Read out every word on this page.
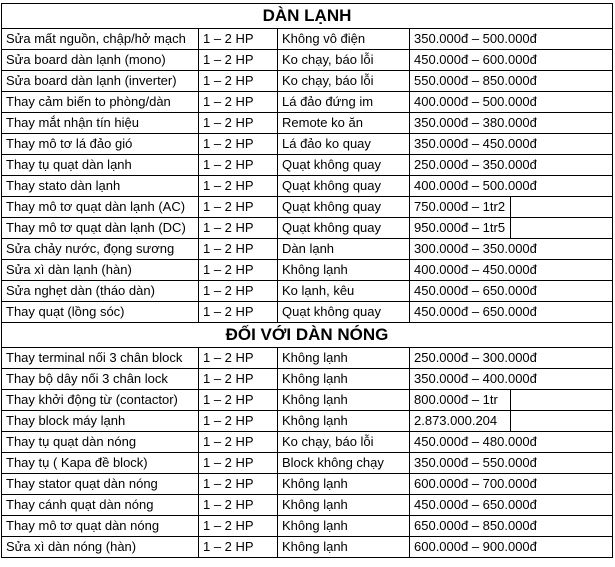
DÀN LẠNH				
Sửa mất nguồn, chập/hở mạch	1 – 2 HP	Không vô điện	350.000đ – 500.000đ	
Sửa board dàn lạnh (mono)	1 – 2 HP	Ko chạy, báo lỗi	450.000đ – 600.000đ	
Sửa board dàn lạnh (inverter)	1 – 2 HP	Ko chạy, báo lỗi	550.000đ – 850.000đ	
Thay cảm biến to phòng/dàn	1 – 2 HP	Lá đảo đứng im	400.000đ – 500.000đ	
Thay mắt nhận tín hiệu	1 – 2 HP	Remote ko ăn	350.000đ – 380.000đ	
Thay mô tơ lá đảo gió	1 – 2 HP	Lá đảo ko quay	350.000đ – 450.000đ	
Thay tụ quạt dàn lạnh	1 – 2 HP	Quạt không quay	250.000đ – 350.000đ	
Thay stato dàn lạnh	1 – 2 HP	Quạt không quay	400.000đ – 500.000đ	
Thay mô tơ quạt dàn lạnh (AC)	1 – 2 HP	Quạt không quay	750.000đ – 1tr2	
Thay mô tơ quạt dàn lạnh (DC)	1 – 2 HP	Quạt không quay	950.000đ – 1tr5	
Sửa chảy nước, đọng sương	1 – 2 HP	Dàn lạnh	300.000đ – 350.000đ	
Sửa xì dàn lạnh (hàn)	1 – 2 HP	Không lạnh	400.000đ – 450.000đ	
Sửa nghẹt dàn (tháo dàn)	1 – 2 HP	Ko lạnh, kêu	450.000đ – 650.000đ	
Thay quạt (lồng sóc)	1 – 2 HP	Quạt không quay	450.000đ – 650.000đ	
ĐỐI VỚI DÀN NÓNG				
Thay terminal nối 3 chân block	1 – 2 HP	Không lạnh	250.000đ – 300.000đ	
Thay bộ dây nối 3 chân lock	1 – 2 HP	Không lạnh	350.000đ – 400.000đ	
Thay khởi động từ (contactor)	1 – 2 HP	Không lạnh	800.000đ – 1tr	
Thay block máy lạnh	1 – 2 HP	Không lạnh	2.873.000.204	
Thay tụ quạt dàn nóng	1 – 2 HP	Ko chạy, báo lỗi	450.000đ – 480.000đ	
Thay tụ ( Kapa đề block)	1 – 2 HP	Block không chạy	350.000đ – 550.000đ	
Thay stator quạt dàn nóng	1 – 2 HP	Không lạnh	600.000đ – 700.000đ	
Thay cánh quạt dàn nóng	1 – 2 HP	Không lạnh	450.000đ – 650.000đ	
Thay mô tơ quạt dàn nóng	1 – 2 HP	Không lạnh	650.000đ – 850.000đ	
Sửa xì dàn nóng (hàn)	1 – 2 HP	Không lạnh	600.000đ – 900.000đ	
